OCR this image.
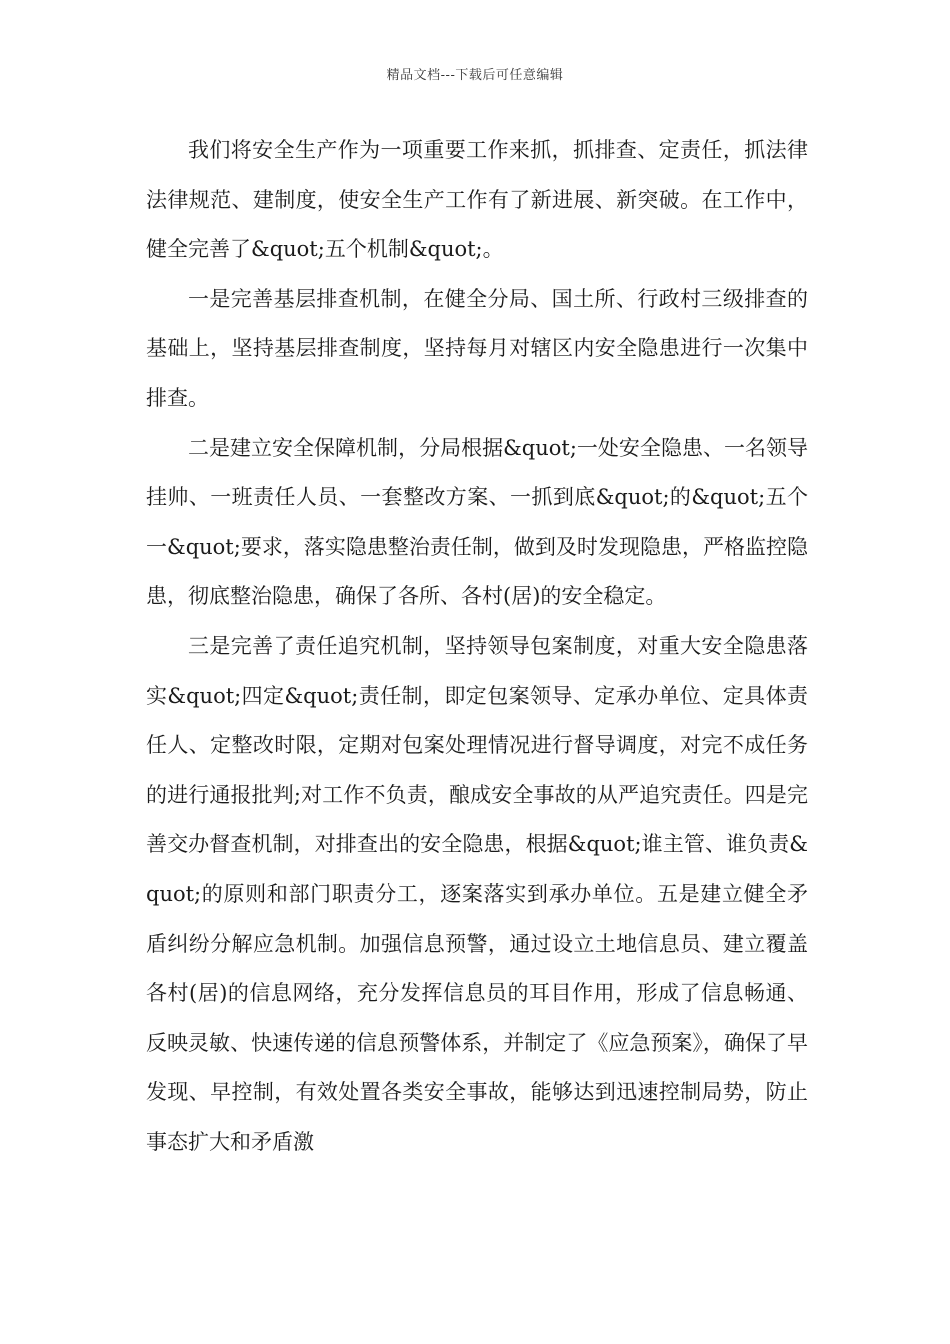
精品文档---下载后可任意编辑

我们将安全生产作为一项重要工作来抓，抓排查、定责任，抓法律法律规范、建制度，使安全生产工作有了新进展、新突破。在工作中，健全完善了&quot;五个机制&quot;。

一是完善基层排查机制，在健全分局、国土所、行政村三级排查的基础上，坚持基层排查制度，坚持每月对辖区内安全隐患进行一次集中排查。

二是建立安全保障机制，分局根据&quot;一处安全隐患、一名领导挂帅、一班责任人员、一套整改方案、一抓到底&quot;的&quot;五个一&quot;要求，落实隐患整治责任制，做到及时发现隐患，严格监控隐患，彻底整治隐患，确保了各所、各村(居)的安全稳定。

三是完善了责任追究机制，坚持领导包案制度，对重大安全隐患落实&quot;四定&quot;责任制，即定包案领导、定承办单位、定具体责任人、定整改时限，定期对包案处理情况进行督导调度，对完不成任务的进行通报批判;对工作不负责，酿成安全事故的从严追究责任。四是完善交办督查机制，对排查出的安全隐患，根据&quot;谁主管、谁负责&quot;的原则和部门职责分工，逐案落实到承办单位。五是建立健全矛盾纠纷分解应急机制。加强信息预警，通过设立土地信息员、建立覆盖各村(居)的信息网络，充分发挥信息员的耳目作用，形成了信息畅通、反映灵敏、快速传递的信息预警体系，并制定了《应急预案》，确保了早发现、早控制，有效处置各类安全事故，能够达到迅速控制局势，防止事态扩大和矛盾激
